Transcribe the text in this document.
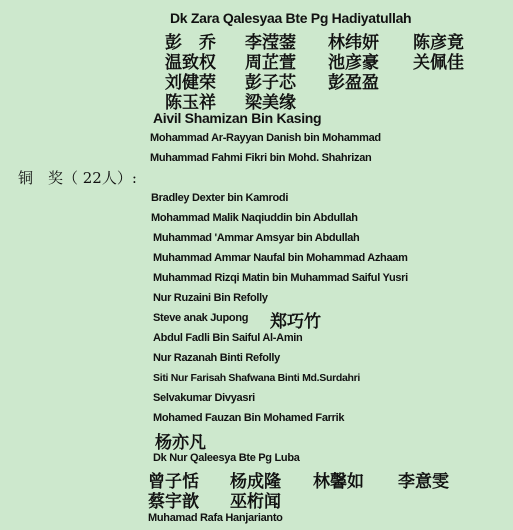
Dk Zara Qalesyaa Bte Pg Hadiyatullah
彭　乔 李滢蓥 林纬妍 陈彦竟
温致权 周芷萱 池彦豪 关佩佳
刘健荣 彭子芯 彭盈盈
陈玉祥 梁美缘
Aivil Shamizan Bin Kasing
Mohammad Ar-Rayyan Danish bin Mohammad
Muhammad Fahmi Fikri bin Mohd. Shahrizan
铜　奖（ 22人）:
Bradley Dexter bin Kamrodi
Mohammad Malik Naqiuddin bin Abdullah
Muhammad 'Ammar Amsyar bin Abdullah
Muhammad Ammar Naufal bin Mohammad Azhaam
Muhammad Rizqi Matin bin Muhammad Saiful Yusri
Nur Ruzaini Bin Refolly
Steve anak Jupong 郑巧竹
Abdul Fadli Bin Saiful Al-Amin
Nur Razanah Binti Refolly
Siti Nur Farisah Shafwana Binti Md.Surdahri
Selvakumar Divyasri
Mohamed Fauzan Bin Mohamed Farrik
杨亦凡
Dk Nur Qaleesya Bte Pg Luba
曾子恬 杨成隆 林馨如 李意雯
蔡宇歆 巫桁闻
Muhamad Rafa Hanjarianto
